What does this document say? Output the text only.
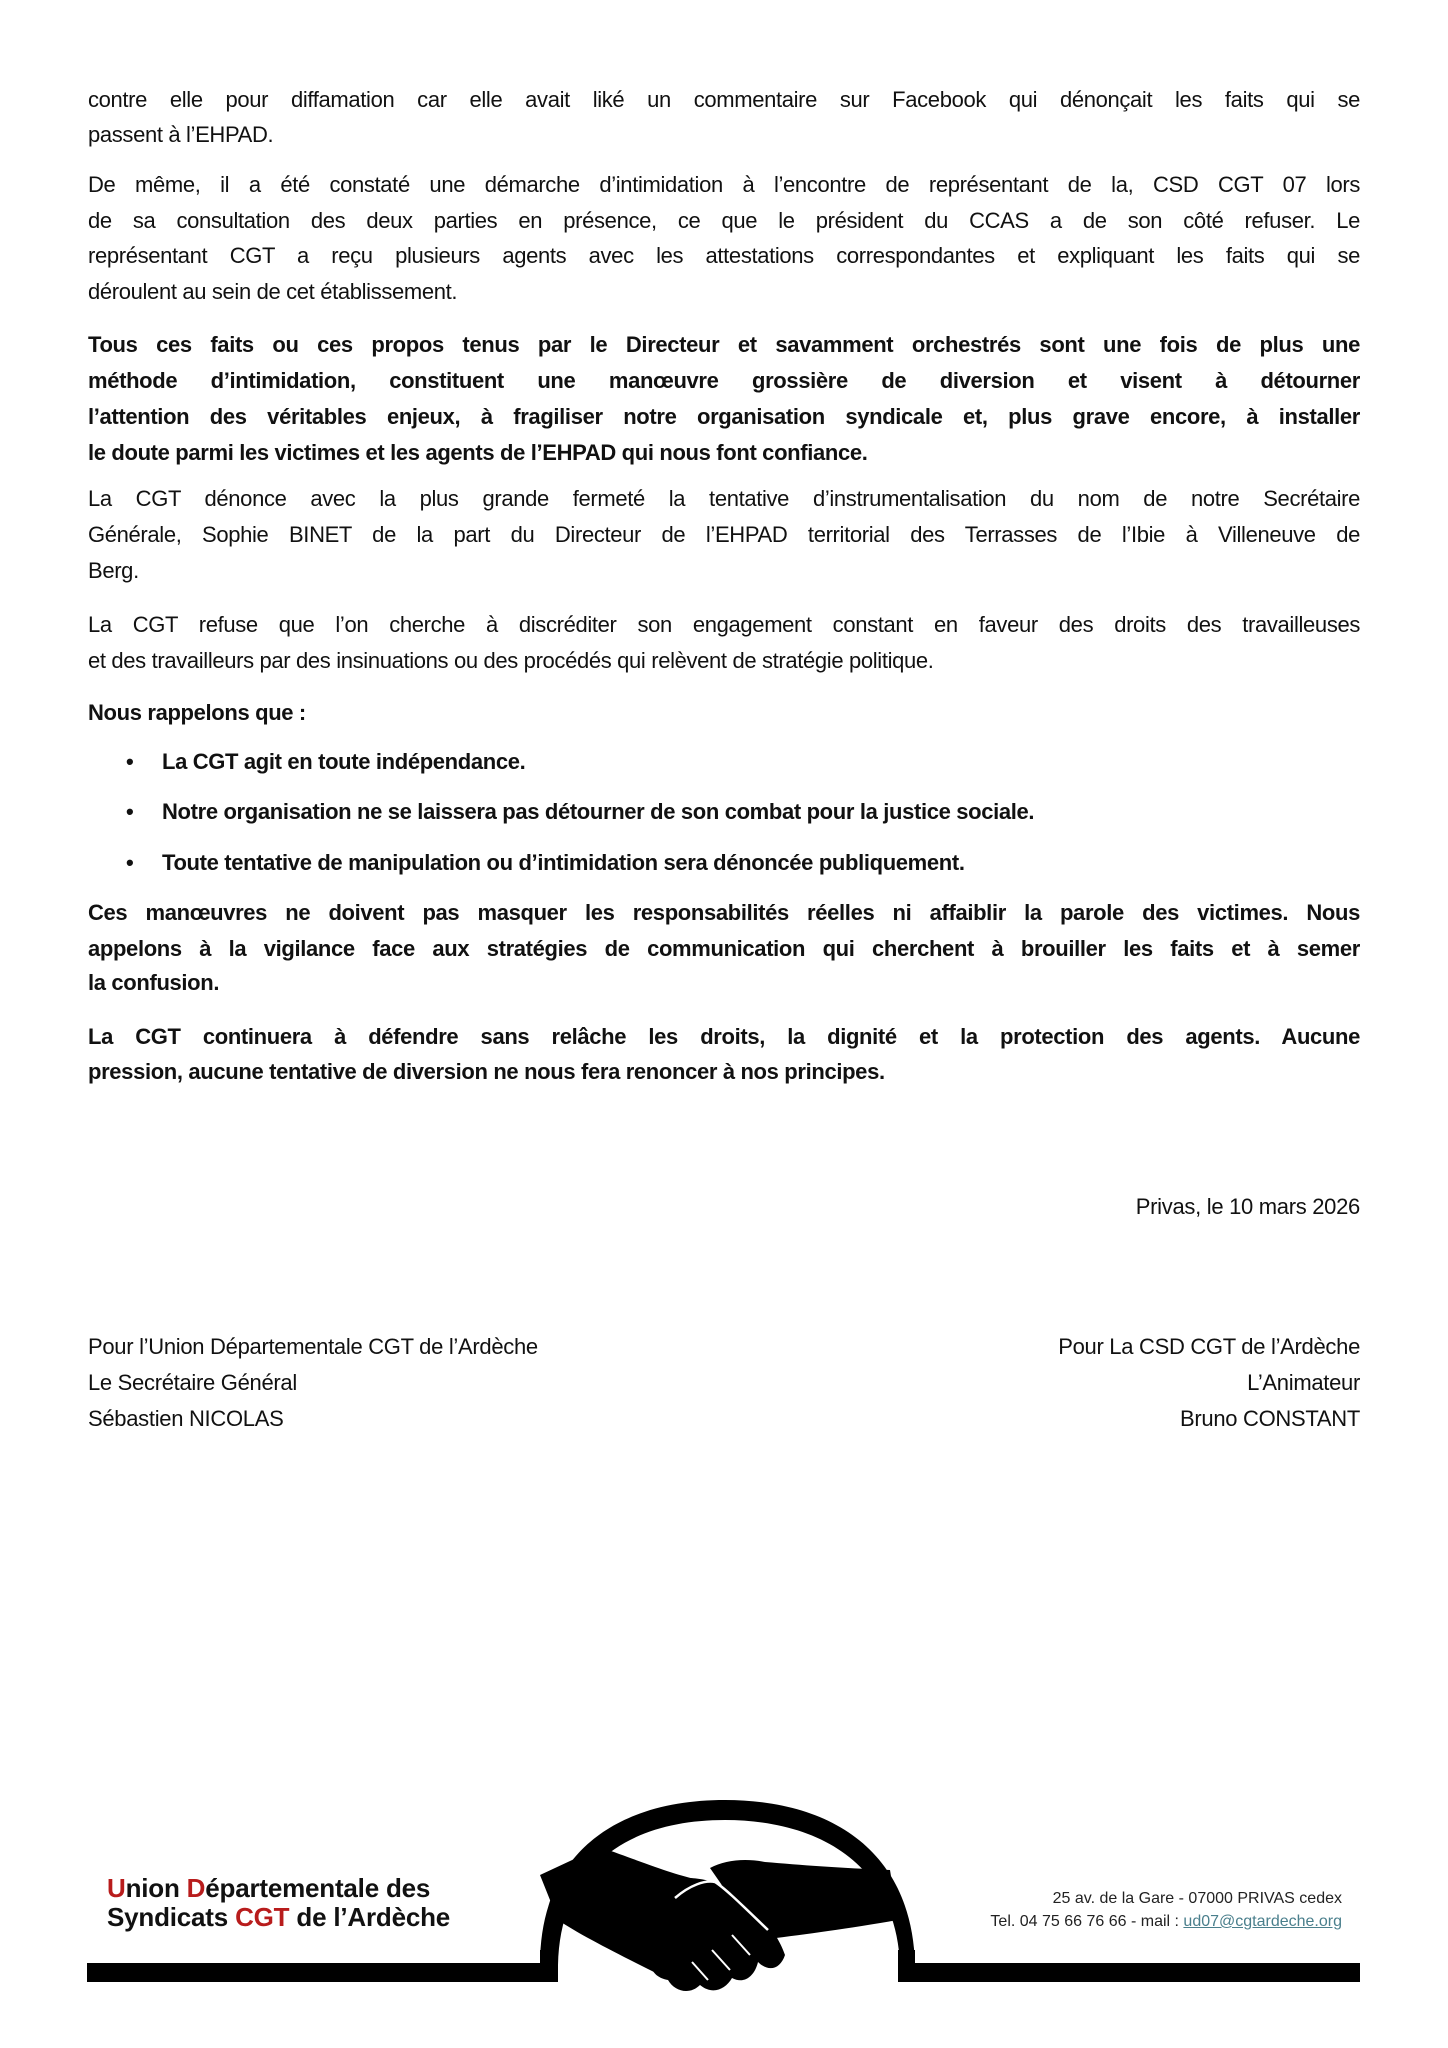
contre elle pour diffamation car elle avait liké un commentaire sur Facebook qui dénonçait les faits qui se
passent à l’EHPAD.
De même, il a été constaté une démarche d’intimidation à l’encontre de représentant de la, CSD CGT 07 lors
de sa consultation des deux parties en présence, ce que le président du CCAS a de son côté refuser. Le
représentant CGT a reçu plusieurs agents avec les attestations correspondantes et expliquant les faits qui se
déroulent au sein de cet établissement.
Tous ces faits ou ces propos tenus par le Directeur et savamment orchestrés sont une fois de plus une
méthode d’intimidation, constituent une manœuvre grossière de diversion et visent à détourner
l’attention des véritables enjeux, à fragiliser notre organisation syndicale et, plus grave encore, à installer
le doute parmi les victimes et les agents de l’EHPAD qui nous font confiance.
La CGT dénonce avec la plus grande fermeté la tentative d’instrumentalisation du nom de notre Secrétaire
Générale, Sophie BINET de la part du Directeur de l’EHPAD territorial des Terrasses de l’Ibie à Villeneuve de
Berg.
La CGT refuse que l’on cherche à discréditer son engagement constant en faveur des droits des travailleuses
et des travailleurs par des insinuations ou des procédés qui relèvent de stratégie politique.
Nous rappelons que :
• La CGT agit en toute indépendance.
• Notre organisation ne se laissera pas détourner de son combat pour la justice sociale.
• Toute tentative de manipulation ou d’intimidation sera dénoncée publiquement.
Ces manœuvres ne doivent pas masquer les responsabilités réelles ni affaiblir la parole des victimes. Nous
appelons à la vigilance face aux stratégies de communication qui cherchent à brouiller les faits et à semer
la confusion.
La CGT continuera à défendre sans relâche les droits, la dignité et la protection des agents. Aucune
pression, aucune tentative de diversion ne nous fera renoncer à nos principes.
Privas, le 10 mars 2026
Pour l’Union Départementale CGT de l’Ardèche
Le Secrétaire Général
Sébastien NICOLAS
Pour La CSD CGT de l’Ardèche
L’Animateur
Bruno CONSTANT
Union Départementale des
Syndicats CGT de l’Ardèche
25 av. de la Gare - 07000 PRIVAS cedex
Tel. 04 75 66 76 66 - mail : ud07@cgtardeche.org
